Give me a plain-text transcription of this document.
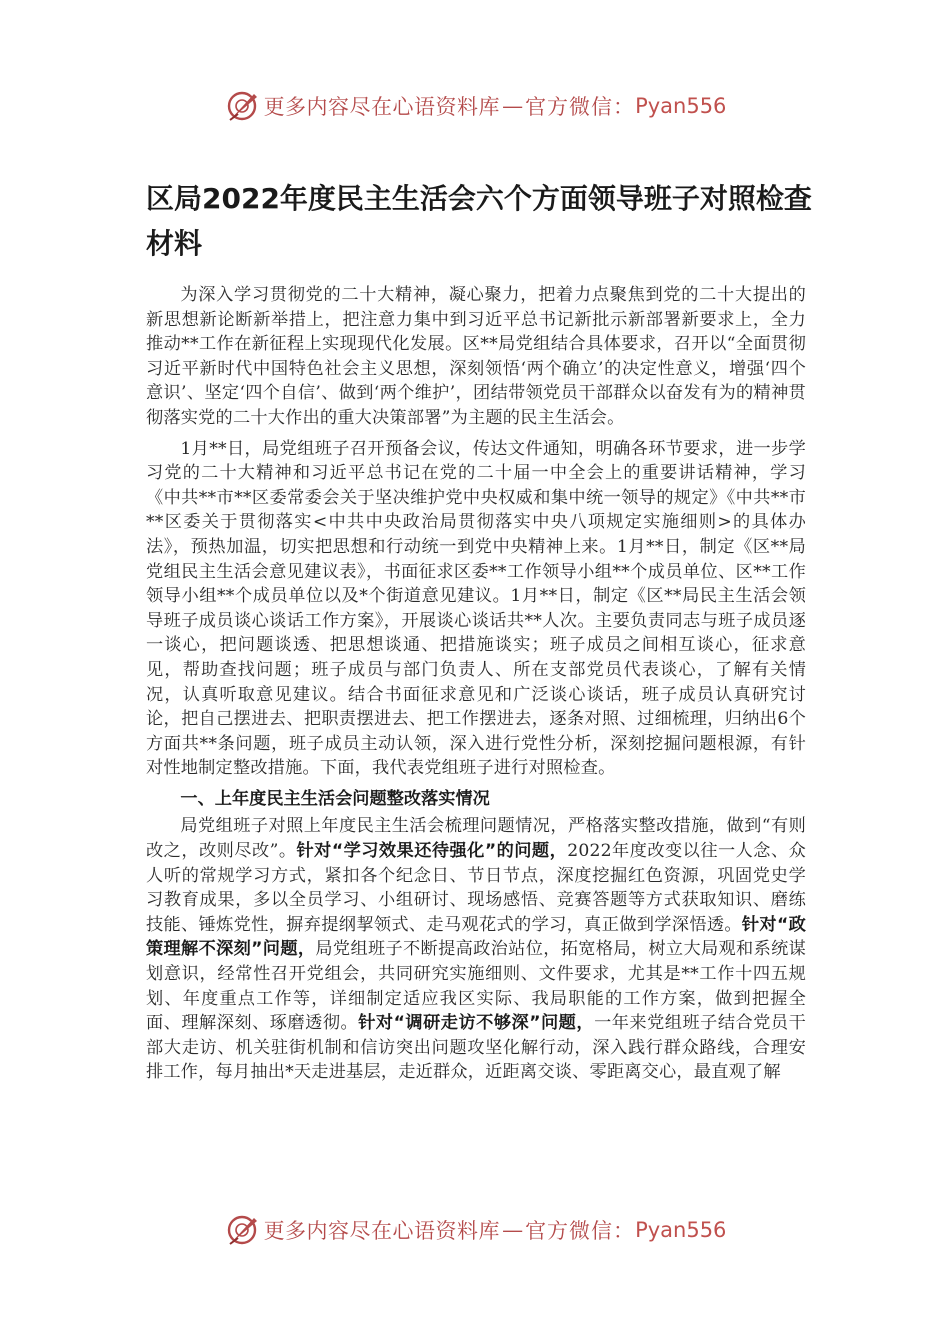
更多内容尽在心语资料库 — 官方微信： Pyan556
区局2022年度民主生活会六个方面领导班子对照检查材料

为深入学习贯彻党的二十大精神，凝心聚力，把着力点聚焦到党的二十大提出的新思想新论断新举措上，把注意力集中到习近平总书记新批示新部署新要求上，全力推动**工作在新征程上实现现代化发展。区**局党组结合具体要求，召开以“全面贯彻习近平新时代中国特色社会主义思想，深刻领悟‘两个确立’的决定性意义，增强‘四个意识’、坚定‘四个自信’、做到‘两个维护’，团结带领党员干部群众以奋发有为的精神贯彻落实党的二十大作出的重大决策部署”为主题的民主生活会。

1月**日，局党组班子召开预备会议，传达文件通知，明确各环节要求，进一步学习党的二十大精神和习近平总书记在党的二十届一中全会上的重要讲话精神，学习《中共**市**区委常委会关于坚决维护党中央权威和集中统一领导的规定》《中共**市**区委关于贯彻落实<中共中央政治局贯彻落实中央八项规定实施细则>的具体办法》，预热加温，切实把思想和行动统一到党中央精神上来。1月**日，制定《区**局党组民主生活会意见建议表》，书面征求区委**工作领导小组**个成员单位、区**工作领导小组**个成员单位以及*个街道意见建议。1月**日，制定《区**局民主生活会领导班子成员谈心谈话工作方案》，开展谈心谈话共**人次。主要负责同志与班子成员逐一谈心，把问题谈透、把思想谈通、把措施谈实；班子成员之间相互谈心，征求意见，帮助查找问题；班子成员与部门负责人、所在支部党员代表谈心，了解有关情况，认真听取意见建议。结合书面征求意见和广泛谈心谈话，班子成员认真研究讨论，把自己摆进去、把职责摆进去、把工作摆进去，逐条对照、过细梳理，归纳出6个方面共**条问题，班子成员主动认领，深入进行党性分析，深刻挖掘问题根源，有针对性地制定整改措施。下面，我代表党组班子进行对照检查。

一、上年度民主生活会问题整改落实情况

局党组班子对照上年度民主生活会梳理问题情况，严格落实整改措施，做到“有则改之，改则尽改”。针对“学习效果还待强化”的问题，2022年度改变以往一人念、众人听的常规学习方式，紧扣各个纪念日、节日节点，深度挖掘红色资源，巩固党史学习教育成果，多以全员学习、小组研讨、现场感悟、竞赛答题等方式获取知识、磨练技能、锤炼党性，摒弃提纲挈领式、走马观花式的学习，真正做到学深悟透。针对“政策理解不深刻”问题，局党组班子不断提高政治站位，拓宽格局，树立大局观和系统谋划意识，经常性召开党组会，共同研究实施细则、文件要求，尤其是**工作十四五规划、年度重点工作等，详细制定适应我区实际、我局职能的工作方案，做到把握全面、理解深刻、琢磨透彻。针对“调研走访不够深”问题，一年来党组班子结合党员干部大走访、机关驻街机制和信访突出问题攻坚化解行动，深入践行群众路线，合理安排工作，每月抽出*天走进基层，走近群众，近距离交谈、零距离交心，最直观了解

更多内容尽在心语资料库 — 官方微信： Pyan556
